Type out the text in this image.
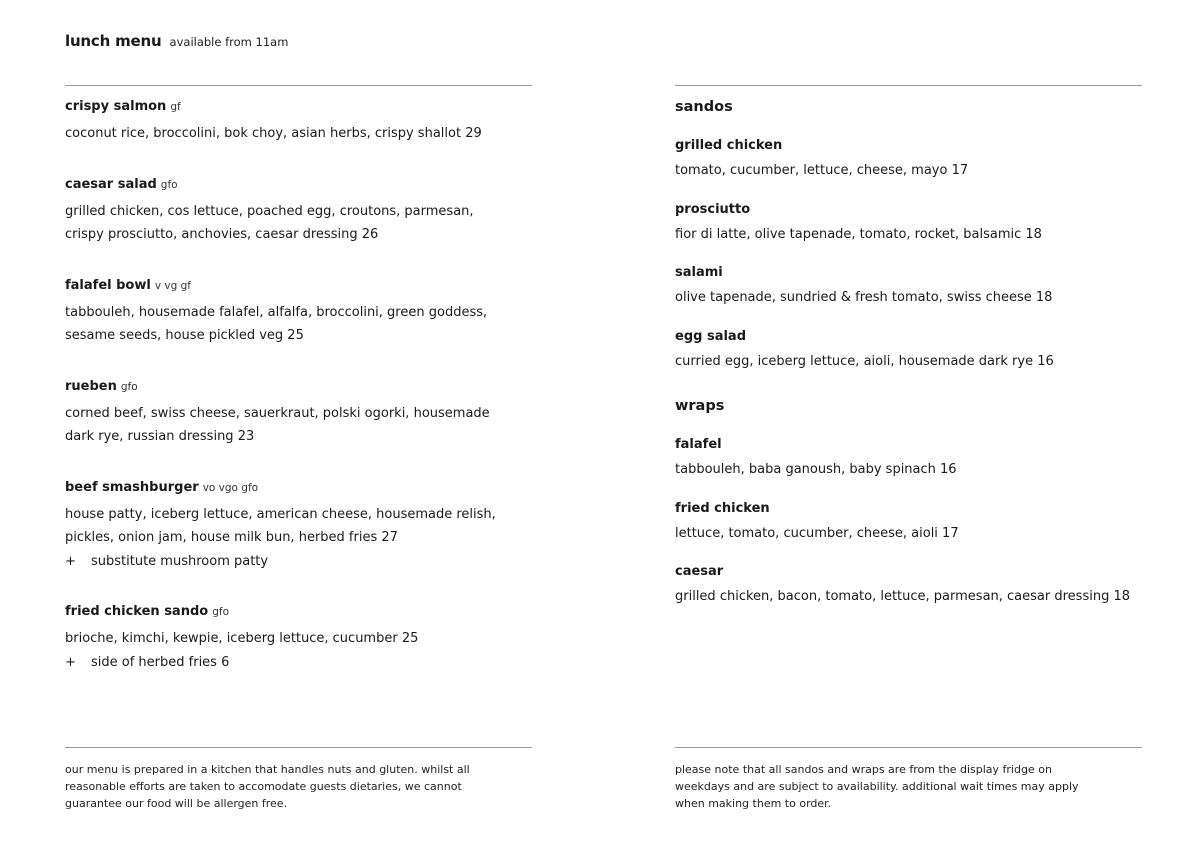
lunch menu available from 11am
crispy salmon gf
coconut rice, broccolini, bok choy, asian herbs, crispy shallot 29
caesar salad gfo
grilled chicken, cos lettuce, poached egg, croutons, parmesan,
crispy prosciutto, anchovies, caesar dressing 26
falafel bowl v vg gf
tabbouleh, housemade falafel, alfalfa, broccolini, green goddess,
sesame seeds, house pickled veg 25
rueben gfo
corned beef, swiss cheese, sauerkraut, polski ogorki, housemade
dark rye, russian dressing 23
beef smashburger vo vgo gfo
house patty, iceberg lettuce, american cheese, housemade relish,
pickles, onion jam, house milk bun, herbed fries 27
+ substitute mushroom patty
fried chicken sando gfo
brioche, kimchi, kewpie, iceberg lettuce, cucumber 25
+ side of herbed fries 6
sandos
grilled chicken
tomato, cucumber, lettuce, cheese, mayo 17
prosciutto
fior di latte, olive tapenade, tomato, rocket, balsamic 18
salami
olive tapenade, sundried & fresh tomato, swiss cheese 18
egg salad
curried egg, iceberg lettuce, aioli, housemade dark rye 16
wraps
falafel
tabbouleh, baba ganoush, baby spinach 16
fried chicken
lettuce, tomato, cucumber, cheese, aioli 17
caesar
grilled chicken, bacon, tomato, lettuce, parmesan, caesar dressing 18
our menu is prepared in a kitchen that handles nuts and gluten. whilst all
reasonable efforts are taken to accomodate guests dietaries, we cannot
guarantee our food will be allergen free.
please note that all sandos and wraps are from the display fridge on
weekdays and are subject to availability. additional wait times may apply
when making them to order.
